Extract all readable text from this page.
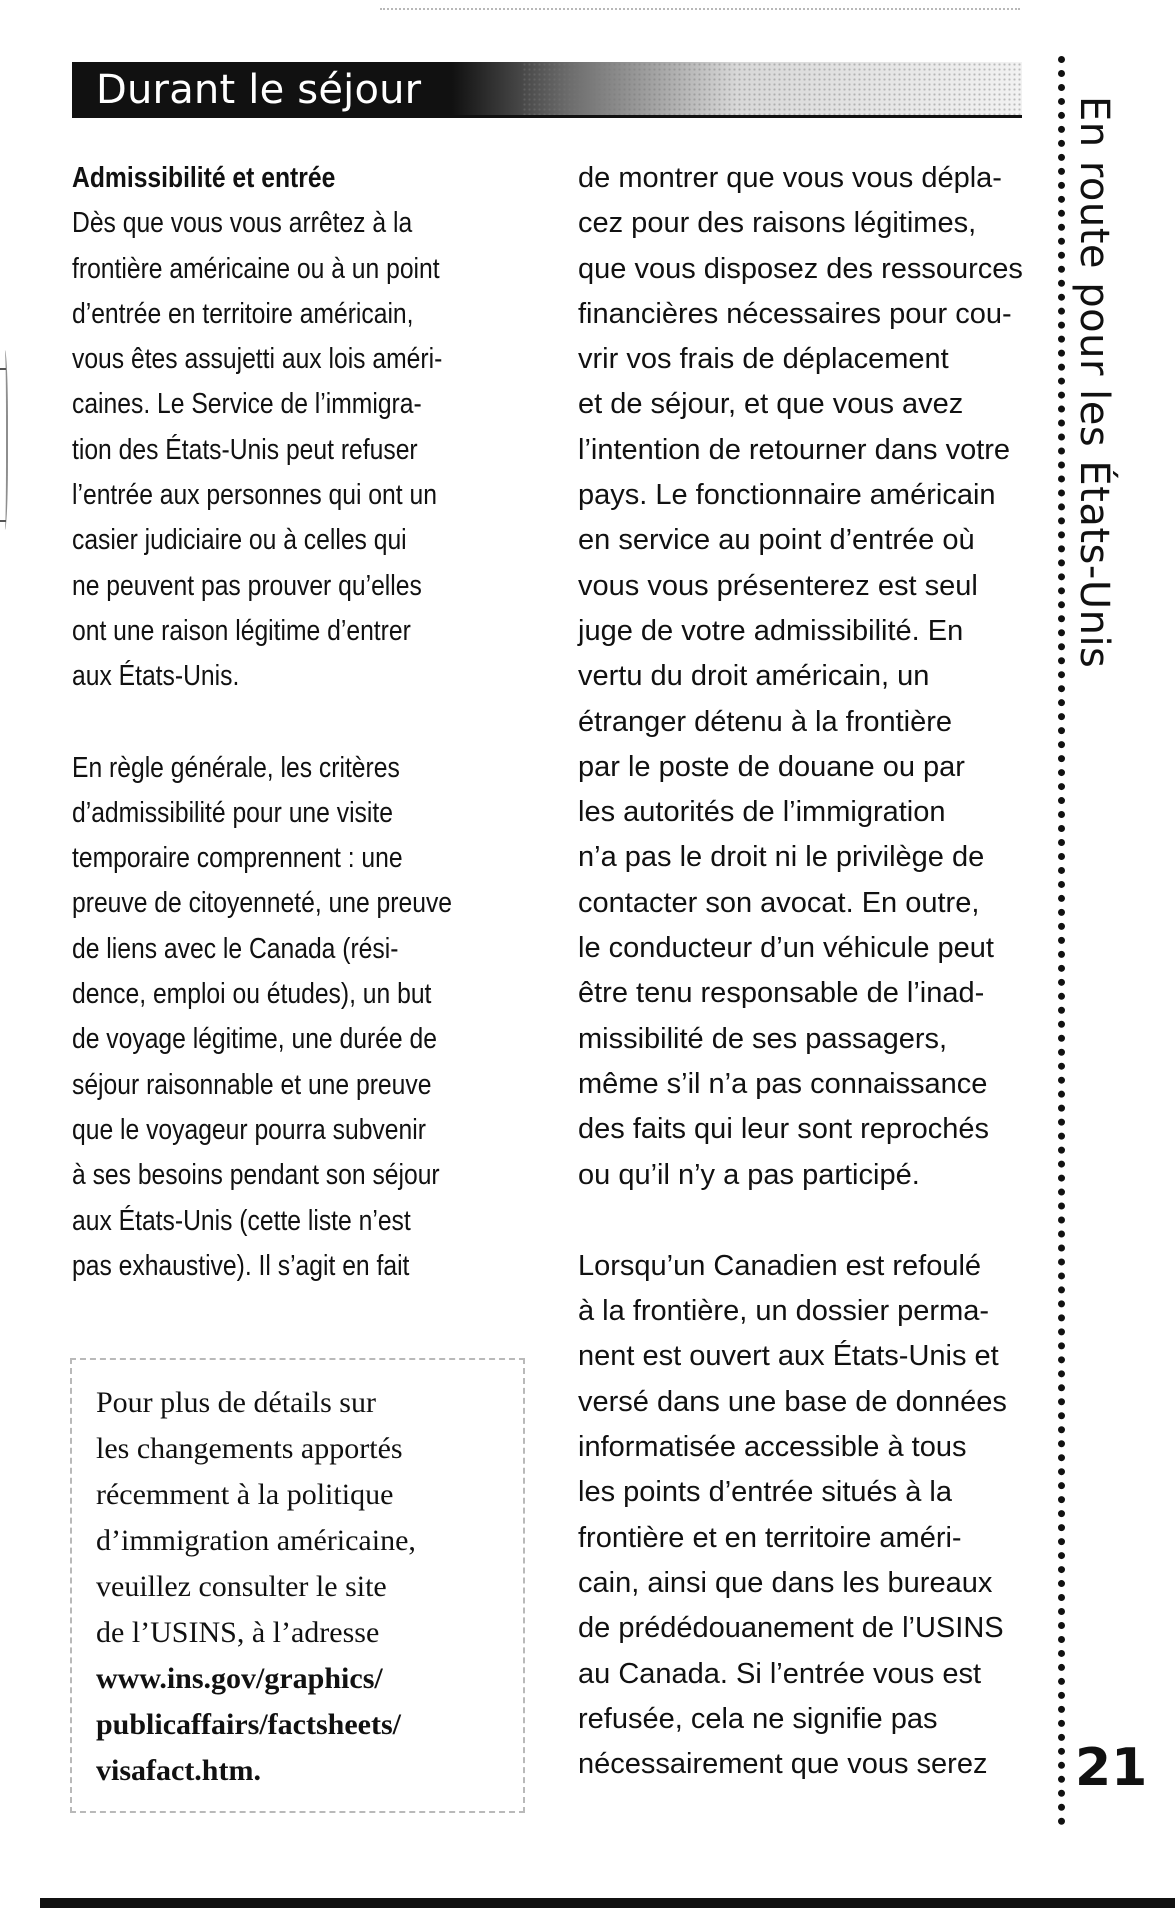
Durant le séjour

Admissibilité et entrée

Dès que vous vous arrêtez à la
frontière américaine ou à un point
d’entrée en territoire américain,
vous êtes assujetti aux lois améri-
caines. Le Service de l’immigra-
tion des États-Unis peut refuser
l’entrée aux personnes qui ont un
casier judiciaire ou à celles qui
ne peuvent pas prouver qu’elles
ont une raison légitime d’entrer
aux États-Unis.

En règle générale, les critères
d’admissibilité pour une visite
temporaire comprennent : une
preuve de citoyenneté, une preuve
de liens avec le Canada (rési-
dence, emploi ou études), un but
de voyage légitime, une durée de
séjour raisonnable et une preuve
que le voyageur pourra subvenir
à ses besoins pendant son séjour
aux États-Unis (cette liste n’est
pas exhaustive). Il s’agit en fait

Pour plus de détails sur
les changements apportés
récemment à la politique
d’immigration américaine,
veuillez consulter le site
de l’USINS, à l’adresse
www.ins.gov/graphics/
publicaffairs/factsheets/
visafact.htm.

de montrer que vous vous dépla-
cez pour des raisons légitimes,
que vous disposez des ressources
financières nécessaires pour cou-
vrir vos frais de déplacement
et de séjour, et que vous avez
l’intention de retourner dans votre
pays. Le fonctionnaire américain
en service au point d’entrée où
vous vous présenterez est seul
juge de votre admissibilité. En
vertu du droit américain, un
étranger détenu à la frontière
par le poste de douane ou par
les autorités de l’immigration
n’a pas le droit ni le privilège de
contacter son avocat. En outre,
le conducteur d’un véhicule peut
être tenu responsable de l’inad-
missibilité de ses passagers,
même s’il n’a pas connaissance
des faits qui leur sont reprochés
ou qu’il n’y a pas participé.

Lorsqu’un Canadien est refoulé
à la frontière, un dossier perma-
nent est ouvert aux États-Unis et
versé dans une base de données
informatisée accessible à tous
les points d’entrée situés à la
frontière et en territoire améri-
cain, ainsi que dans les bureaux
de prédédouanement de l’USINS
au Canada. Si l’entrée vous est
refusée, cela ne signifie pas
nécessairement que vous serez

En route pour les États-Unis
21
